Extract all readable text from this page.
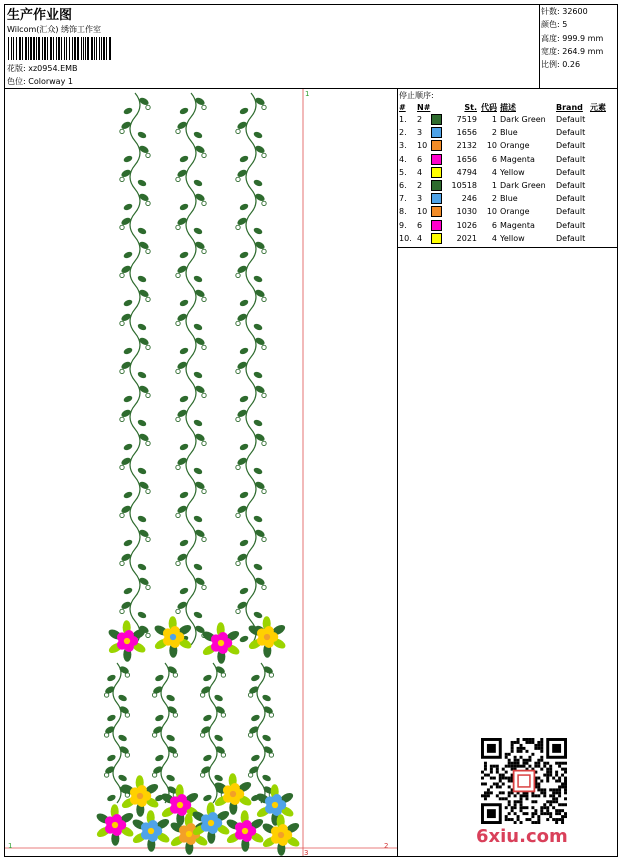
生产作业图
Wilcom(汇众) 绣饰工作室
花版: xz0954.EMB
色位: Colorway 1
针数: 32600
颜色: 5
高度: 999.9 mm
宽度: 264.9 mm
比例: 0.26
停止顺序:
#	N#		St.	代码	描述	Brand	元素
1.	2		7519	1	Dark Green	Default	
2.	3		1656	2	Blue	Default	
3.	10		2132	10	Orange	Default	
4.	6		1656	6	Magenta	Default	
5.	4		4794	4	Yellow	Default	
6.	2		10518	1	Dark Green	Default	
7.	3		246	2	Blue	Default	
8.	10		1030	10	Orange	Default	
9.	6		1026	6	Magenta	Default	
10.	4		2021	4	Yellow	Default	
1
1	2
3
6xiu.com
